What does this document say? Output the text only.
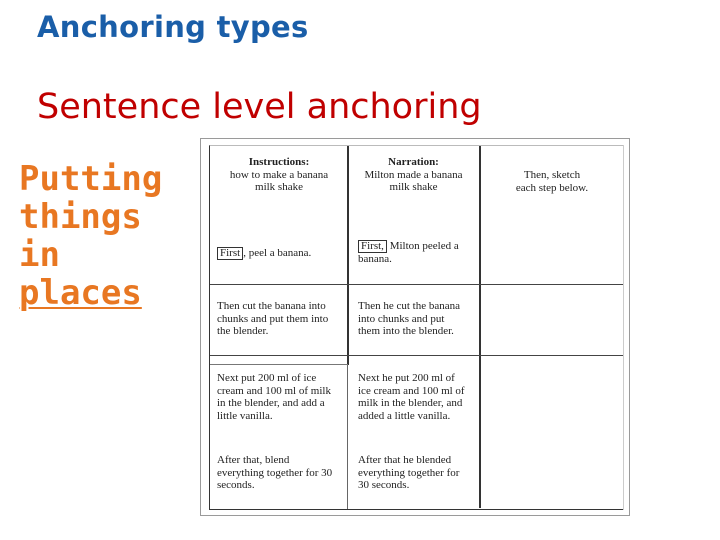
Anchoring types
Sentence level anchoring
Putting
things
in
places
Instructions:
how to make a banana
milk shake
Narration:
Milton made a banana
milk shake
Then, sketch
each step below.
First , peel a banana.
First, Milton peeled a
banana.
Then cut the banana into
chunks and put them into
the blender.
Then he cut the banana
into chunks and put
them into the blender.
Next put 200 ml of ice
cream and 100 ml of milk
in the blender, and add a
little vanilla.
Next he put 200 ml of
ice cream and 100 ml of
milk in the blender, and
added a little vanilla.
After that, blend
everything together for 30
seconds.
After that he blended
everything together for
30 seconds.
